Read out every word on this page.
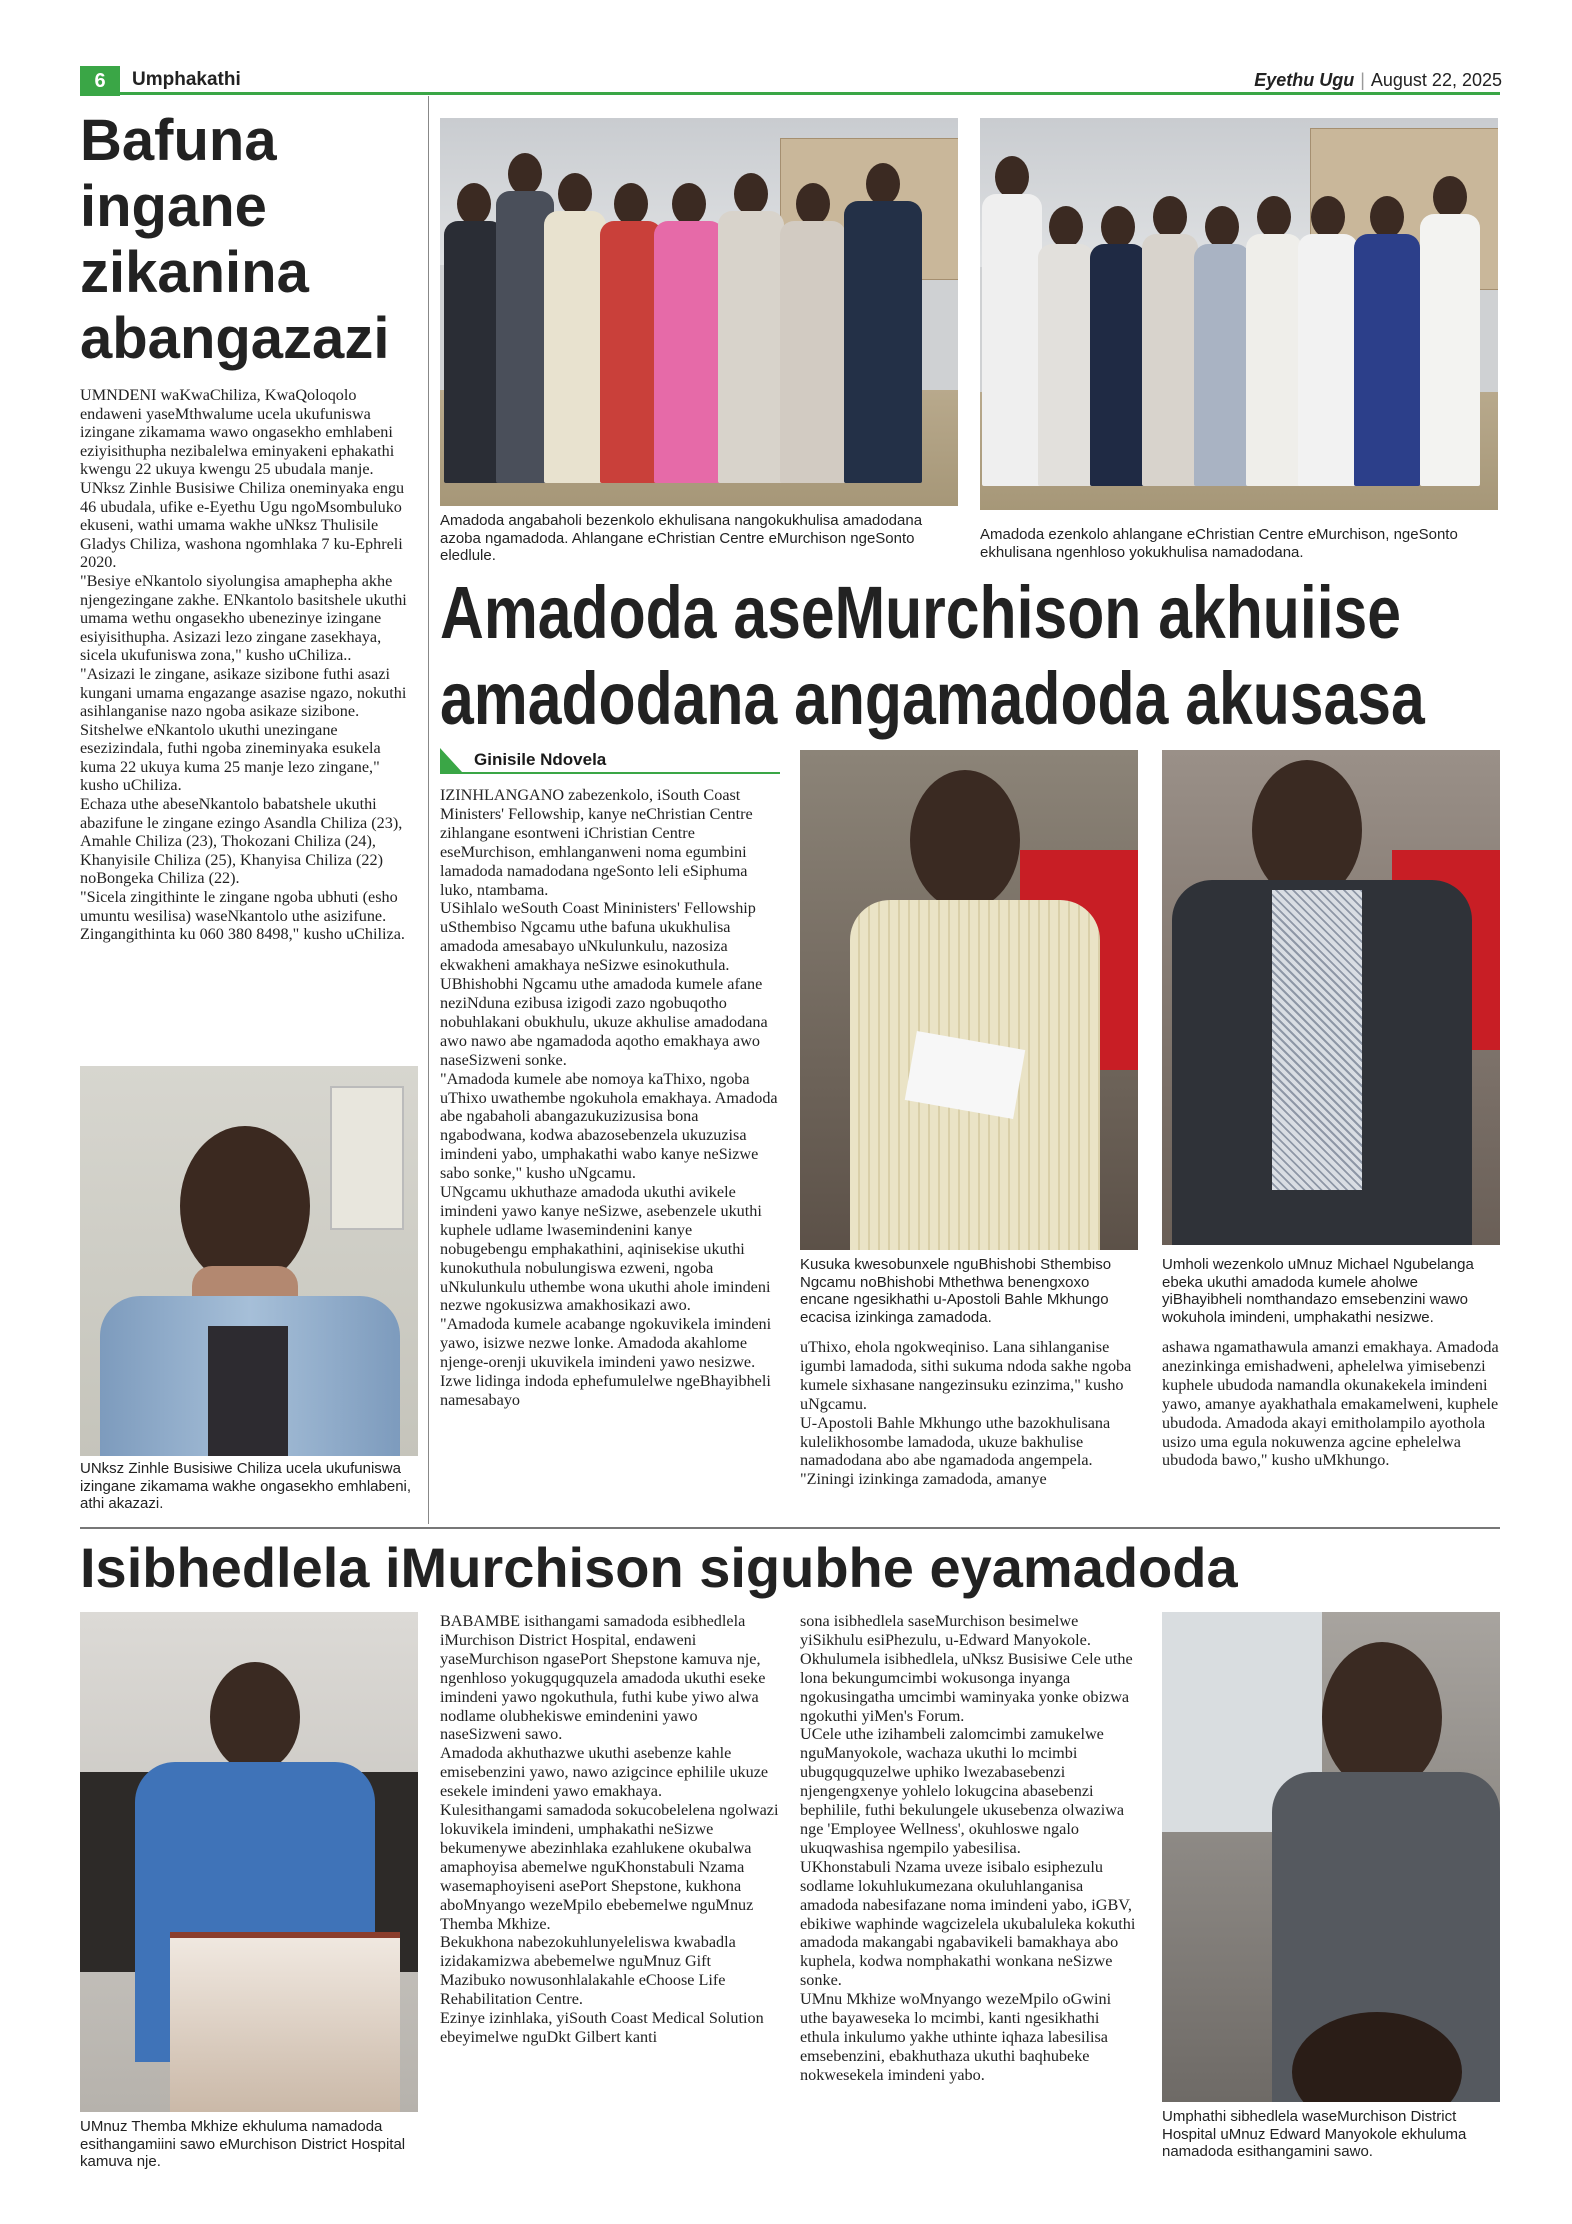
6	Umphakathi	Eyethu Ugu | August 22, 2025
Bafuna ingane zikanina abangazazi
UMNDENI waKwaChiliza, KwaQoloqolo endaweni yaseMthwalume ucela ukufuniswa izingane zikamama wawo ongasekho emhlabeni eziyisithupha nezibalelwa eminyakeni ephakathi kwengu 22 ukuya kwengu 25 ubudala manje.
UNksz Zinhle Busisiwe Chiliza oneminyaka engu 46 ubudala, ufike e-Eyethu Ugu ngoMsombuluko ekuseni, wathi umama wakhe uNksz Thulisile Gladys Chiliza, washona ngomhlaka 7 ku-Ephreli 2020.
"Besiye eNkantolo siyolungisa amaphepha akhe njengezingane zakhe. ENkantolo basitshele ukuthi umama wethu ongasekho ubenezinye izingane esiyisithupha. Asizazi lezo zingane zasekhaya, sicela ukufuniswa zona," kusho uChiliza..
"Asizazi le zingane, asikaze sizibone futhi asazi kungani umama engazange asazise ngazo, nokuthi asihlanganise nazo ngoba asikaze sizibone. Sitshelwe eNkantolo ukuthi unezingane esezizindala, futhi ngoba zineminyaka esukela kuma 22 ukuya kuma 25 manje lezo zingane," kusho uChiliza.
Echaza uthe abeseNkantolo babatshele ukuthi abazifune le zingane ezingo Asandla Chiliza (23), Amahle Chiliza (23), Thokozani Chiliza (24), Khanyisile Chiliza (25), Khanyisa Chiliza (22) noBongeka Chiliza (22).
"Sicela zingithinte le zingane ngoba ubhuti (esho umuntu wesilisa) waseNkantolo uthe asizifune. Zingangithinta ku 060 380 8498," kusho uChiliza.
UNksz Zinhle Busisiwe Chiliza ucela ukufuniswa izingane zikamama wakhe ongasekho emhlabeni, athi akazazi.
Amadoda angabaholi bezenkolo ekhulisana nangokukhulisa amadodana azoba ngamadoda. Ahlangane eChristian Centre eMurchison ngeSonto eledlule.
Amadoda ezenkolo ahlangane eChristian Centre eMurchison, ngeSonto ekhulisana ngenhloso yokukhulisa namadodana.
Amadoda aseMurchison akhuiise
amadodana angamadoda akusasa
Ginisile Ndovela
IZINHLANGANO zabezenkolo, iSouth Coast Ministers' Fellowship, kanye neChristian Centre zihlangane esontweni iChristian Centre eseMurchison, emhlanganweni noma egumbini lamadoda namadodana ngeSonto leli eSiphuma luko, ntambama.
USihlalo weSouth Coast Mininisters' Fellowship uSthembiso Ngcamu uthe bafuna ukukhulisa amadoda amesabayo uNkulunkulu, nazosiza ekwakheni amakhaya neSizwe esinokuthula.
UBhishobhi Ngcamu uthe amadoda kumele afane neziNduna ezibusa izigodi zazo ngobuqotho nobuhlakani obukhulu, ukuze akhulise amadodana awo nawo abe ngamadoda aqotho emakhaya awo naseSizweni sonke.
"Amadoda kumele abe nomoya kaThixo, ngoba uThixo uwathembe ngokuhola emakhaya. Amadoda abe ngabaholi abangazukuzizusisa bona ngabodwana, kodwa abazosebenzela ukuzuzisa imindeni yabo, umphakathi wabo kanye neSizwe sabo sonke," kusho uNgcamu.
UNgcamu ukhuthaze amadoda ukuthi avikele imindeni yawo kanye neSizwe, asebenzele ukuthi kuphele udlame lwasemindenini kanye nobugebengu emphakathini, aqinisekise ukuthi kunokuthula nobulungiswa ezweni, ngoba uNkulunkulu uthembe wona ukuthi ahole imindeni nezwe ngokusizwa amakhosikazi awo.
"Amadoda kumele acabange ngokuvikela imindeni yawo, isizwe nezwe lonke. Amadoda akahlome njenge-orenji ukuvikela imindeni yawo nesizwe. Izwe lidinga indoda ephefumulelwe ngeBhayibheli namesabayo
Kusuka kwesobunxele nguBhishobi Sthembiso Ngcamu noBhishobi Mthethwa benengxoxo encane ngesikhathi u-Apostoli Bahle Mkhungo ecacisa izinkinga zamadoda.
uThixo, ehola ngokweqiniso. Lana sihlanganise igumbi lamadoda, sithi sukuma ndoda sakhe ngoba kumele sixhasane nangezinsuku ezinzima," kusho uNgcamu.
U-Apostoli Bahle Mkhungo uthe bazokhulisana kulelikhosombe lamadoda, ukuze bakhulise namadodana abo abe ngamadoda angempela.
"Ziningi izinkinga zamadoda, amanye
Umholi wezenkolo uMnuz Michael Ngubelanga ebeka ukuthi amadoda kumele aholwe yiBhayibheli nomthandazo emsebenzini wawo wokuhola imindeni, umphakathi nesizwe.
ashawa ngamathawula amanzi emakhaya. Amadoda anezinkinga emishadweni, aphelelwa yimisebenzi kuphele ubudoda namandla okunakekela imindeni yawo, amanye ayakhathala emakamelweni, kuphele ubudoda. Amadoda akayi emitholampilo ayothola usizo uma egula nokuwenza agcine ephelelwa ubudoda bawo," kusho uMkhungo.
Isibhedlela iMurchison sigubhe eyamadoda
UMnuz Themba Mkhize ekhuluma namadoda esithangamiini sawo eMurchison District Hospital kamuva nje.
BABAMBE isithangami samadoda esibhedlela iMurchison District Hospital, endaweni yaseMurchison ngasePort Shepstone kamuva nje, ngenhloso yokugqugquzela amadoda ukuthi eseke imindeni yawo ngokuthula, futhi kube yiwo alwa nodlame olubhekiswe emindenini yawo naseSizweni sawo.
Amadoda akhuthazwe ukuthi asebenze kahle emisebenzini yawo, nawo azigcince ephilile ukuze esekele imindeni yawo emakhaya.
Kulesithangami samadoda sokucobelelena ngolwazi lokuvikela imindeni, umphakathi neSizwe bekumenywe abezinhlaka ezahlukene okubalwa amaphoyisa abemelwe nguKhonstabuli Nzama wasemaphoyiseni asePort Shepstone, kukhona aboMnyango wezeMpilo ebebemelwe nguMnuz Themba Mkhize.
Bekukhona nabezokuhlunyeleliswa kwabadla izidakamizwa abebemelwe nguMnuz Gift Mazibuko nowusonhlalakahle eChoose Life Rehabilitation Centre.
Ezinye izinhlaka, yiSouth Coast Medical Solution ebeyimelwe nguDkt Gilbert kanti
sona isibhedlela saseMurchison besimelwe yiSikhulu esiPhezulu, u-Edward Manyokole.
Okhulumela isibhedlela, uNksz Busisiwe Cele uthe lona bekungumcimbi wokusonga inyanga ngokusingatha umcimbi waminyaka yonke obizwa ngokuthi yiMen's Forum.
UCele uthe izihambeli zalomcimbi zamukelwe nguManyokole, wachaza ukuthi lo mcimbi ubugqugquzelwe uphiko lwezabasebenzi njengengxenye yohlelo lokugcina abasebenzi bephilile, futhi bekulungele ukusebenza olwaziwa nge 'Employee Wellness', okuhloswe ngalo ukuqwashisa ngempilo yabesilisa.
UKhonstabuli Nzama uveze isibalo esiphezulu sodlame lokuhlukumezana okuluhlanganisa amadoda nabesifazane noma imindeni yabo, iGBV, ebikiwe waphinde wagcizelela ukubaluleka kokuthi amadoda makangabi ngabavikeli bamakhaya abo kuphela, kodwa nomphakathi wonkana neSizwe sonke.
UMnu Mkhize woMnyango wezeMpilo oGwini uthe bayaweseka lo mcimbi, kanti ngesikhathi ethula inkulumo yakhe uthinte iqhaza labesilisa emsebenzini, ebakhuthaza ukuthi baqhubeke nokwesekela imindeni yabo.
Umphathi sibhedlela waseMurchison District Hospital uMnuz Edward Manyokole ekhuluma namadoda esithangamini sawo.
